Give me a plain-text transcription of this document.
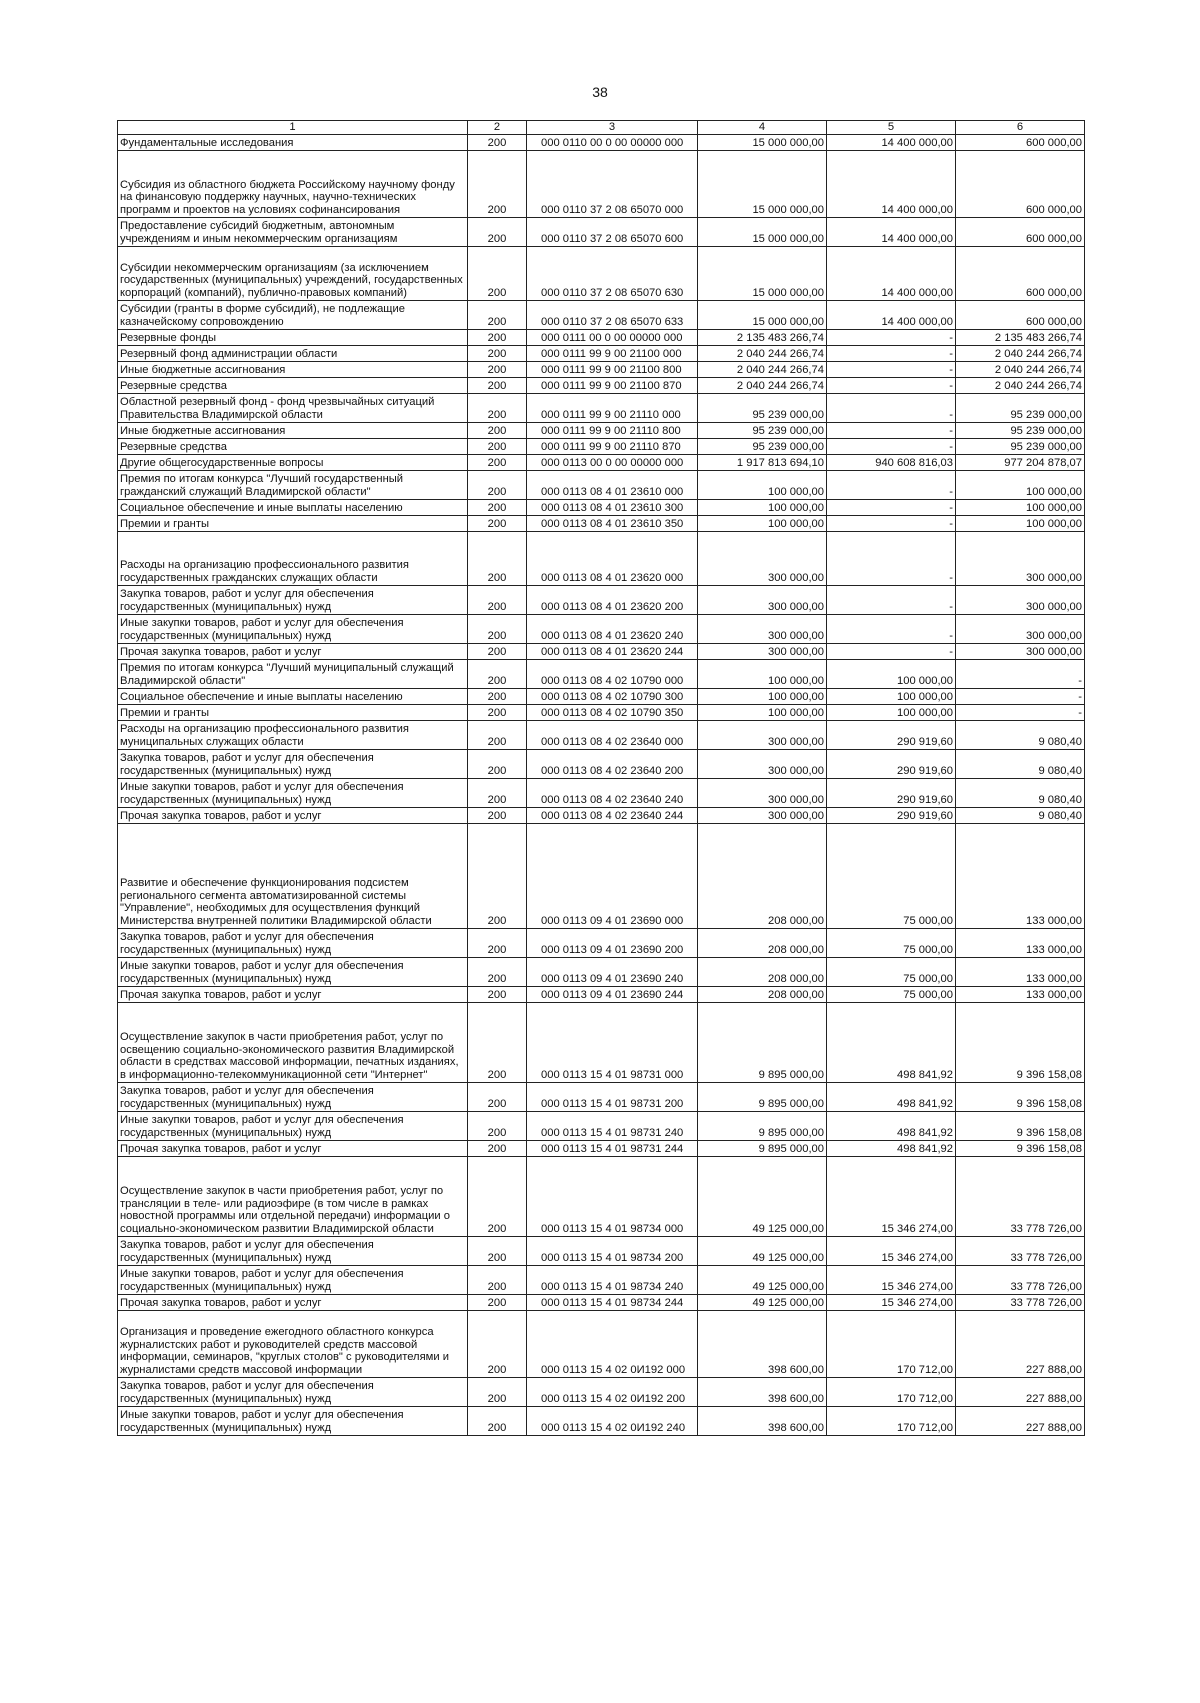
38
1	2	3	4	5	6
Фундаментальные исследования	200	000 0110 00 0 00 00000 000	15 000 000,00	14 400 000,00	600 000,00
Субсидия из областного бюджета Российскому научному фонду на финансовую поддержку научных, научно-технических программ и проектов на условиях софинансирования	200	000 0110 37 2 08 65070 000	15 000 000,00	14 400 000,00	600 000,00
Предоставление субсидий бюджетным, автономным учреждениям и иным некоммерческим организациям	200	000 0110 37 2 08 65070 600	15 000 000,00	14 400 000,00	600 000,00
Субсидии некоммерческим организациям (за исключением государственных (муниципальных) учреждений, государственных корпораций (компаний), публично-правовых компаний)	200	000 0110 37 2 08 65070 630	15 000 000,00	14 400 000,00	600 000,00
Субсидии (гранты в форме субсидий), не подлежащие казначейскому сопровождению	200	000 0110 37 2 08 65070 633	15 000 000,00	14 400 000,00	600 000,00
Резервные фонды	200	000 0111 00 0 00 00000 000	2 135 483 266,74	-	2 135 483 266,74
Резервный фонд администрации области	200	000 0111 99 9 00 21100 000	2 040 244 266,74	-	2 040 244 266,74
Иные бюджетные ассигнования	200	000 0111 99 9 00 21100 800	2 040 244 266,74	-	2 040 244 266,74
Резервные средства	200	000 0111 99 9 00 21100 870	2 040 244 266,74	-	2 040 244 266,74
Областной резервный фонд - фонд чрезвычайных ситуаций Правительства Владимирской области	200	000 0111 99 9 00 21110 000	95 239 000,00	-	95 239 000,00
Иные бюджетные ассигнования	200	000 0111 99 9 00 21110 800	95 239 000,00	-	95 239 000,00
Резервные средства	200	000 0111 99 9 00 21110 870	95 239 000,00	-	95 239 000,00
Другие общегосударственные вопросы	200	000 0113 00 0 00 00000 000	1 917 813 694,10	940 608 816,03	977 204 878,07
Премия по итогам конкурса "Лучший государственный гражданский служащий Владимирской области"	200	000 0113 08 4 01 23610 000	100 000,00	-	100 000,00
Социальное обеспечение и иные выплаты населению	200	000 0113 08 4 01 23610 300	100 000,00	-	100 000,00
Премии и гранты	200	000 0113 08 4 01 23610 350	100 000,00	-	100 000,00
Расходы на организацию профессионального развития государственных гражданских служащих области	200	000 0113 08 4 01 23620 000	300 000,00	-	300 000,00
Закупка товаров, работ и услуг для обеспечения государственных (муниципальных) нужд	200	000 0113 08 4 01 23620 200	300 000,00	-	300 000,00
Иные закупки товаров, работ и услуг для обеспечения государственных (муниципальных) нужд	200	000 0113 08 4 01 23620 240	300 000,00	-	300 000,00
Прочая закупка товаров, работ и услуг	200	000 0113 08 4 01 23620 244	300 000,00	-	300 000,00
Премия по итогам конкурса "Лучший муниципальный служащий Владимирской области"	200	000 0113 08 4 02 10790 000	100 000,00	100 000,00	-
Социальное обеспечение и иные выплаты населению	200	000 0113 08 4 02 10790 300	100 000,00	100 000,00	-
Премии и гранты	200	000 0113 08 4 02 10790 350	100 000,00	100 000,00	-
Расходы на организацию профессионального развития муниципальных служащих области	200	000 0113 08 4 02 23640 000	300 000,00	290 919,60	9 080,40
Закупка товаров, работ и услуг для обеспечения государственных (муниципальных) нужд	200	000 0113 08 4 02 23640 200	300 000,00	290 919,60	9 080,40
Иные закупки товаров, работ и услуг для обеспечения государственных (муниципальных) нужд	200	000 0113 08 4 02 23640 240	300 000,00	290 919,60	9 080,40
Прочая закупка товаров, работ и услуг	200	000 0113 08 4 02 23640 244	300 000,00	290 919,60	9 080,40
Развитие и обеспечение функционирования подсистем регионального сегмента автоматизированной системы "Управление", необходимых для осуществления функций Министерства внутренней политики Владимирской области	200	000 0113 09 4 01 23690 000	208 000,00	75 000,00	133 000,00
Закупка товаров, работ и услуг для обеспечения государственных (муниципальных) нужд	200	000 0113 09 4 01 23690 200	208 000,00	75 000,00	133 000,00
Иные закупки товаров, работ и услуг для обеспечения государственных (муниципальных) нужд	200	000 0113 09 4 01 23690 240	208 000,00	75 000,00	133 000,00
Прочая закупка товаров, работ и услуг	200	000 0113 09 4 01 23690 244	208 000,00	75 000,00	133 000,00
Осуществление закупок в части приобретения работ, услуг по освещению социально-экономического развития Владимирской области в средствах массовой информации, печатных изданиях, в информационно-телекоммуникационной сети "Интернет"	200	000 0113 15 4 01 98731 000	9 895 000,00	498 841,92	9 396 158,08
Закупка товаров, работ и услуг для обеспечения государственных (муниципальных) нужд	200	000 0113 15 4 01 98731 200	9 895 000,00	498 841,92	9 396 158,08
Иные закупки товаров, работ и услуг для обеспечения государственных (муниципальных) нужд	200	000 0113 15 4 01 98731 240	9 895 000,00	498 841,92	9 396 158,08
Прочая закупка товаров, работ и услуг	200	000 0113 15 4 01 98731 244	9 895 000,00	498 841,92	9 396 158,08
Осуществление закупок в части приобретения работ, услуг по трансляции в теле- или радиоэфире (в том числе в рамках новостной программы или отдельной передачи) информации о социально-экономическом развитии Владимирской области	200	000 0113 15 4 01 98734 000	49 125 000,00	15 346 274,00	33 778 726,00
Закупка товаров, работ и услуг для обеспечения государственных (муниципальных) нужд	200	000 0113 15 4 01 98734 200	49 125 000,00	15 346 274,00	33 778 726,00
Иные закупки товаров, работ и услуг для обеспечения государственных (муниципальных) нужд	200	000 0113 15 4 01 98734 240	49 125 000,00	15 346 274,00	33 778 726,00
Прочая закупка товаров, работ и услуг	200	000 0113 15 4 01 98734 244	49 125 000,00	15 346 274,00	33 778 726,00
Организация и проведение ежегодного областного конкурса журналистских работ и руководителей средств массовой информации, семинаров, "круглых столов" с руководителями и журналистами средств массовой информации	200	000 0113 15 4 02 0И192 000	398 600,00	170 712,00	227 888,00
Закупка товаров, работ и услуг для обеспечения государственных (муниципальных) нужд	200	000 0113 15 4 02 0И192 200	398 600,00	170 712,00	227 888,00
Иные закупки товаров, работ и услуг для обеспечения государственных (муниципальных) нужд	200	000 0113 15 4 02 0И192 240	398 600,00	170 712,00	227 888,00
